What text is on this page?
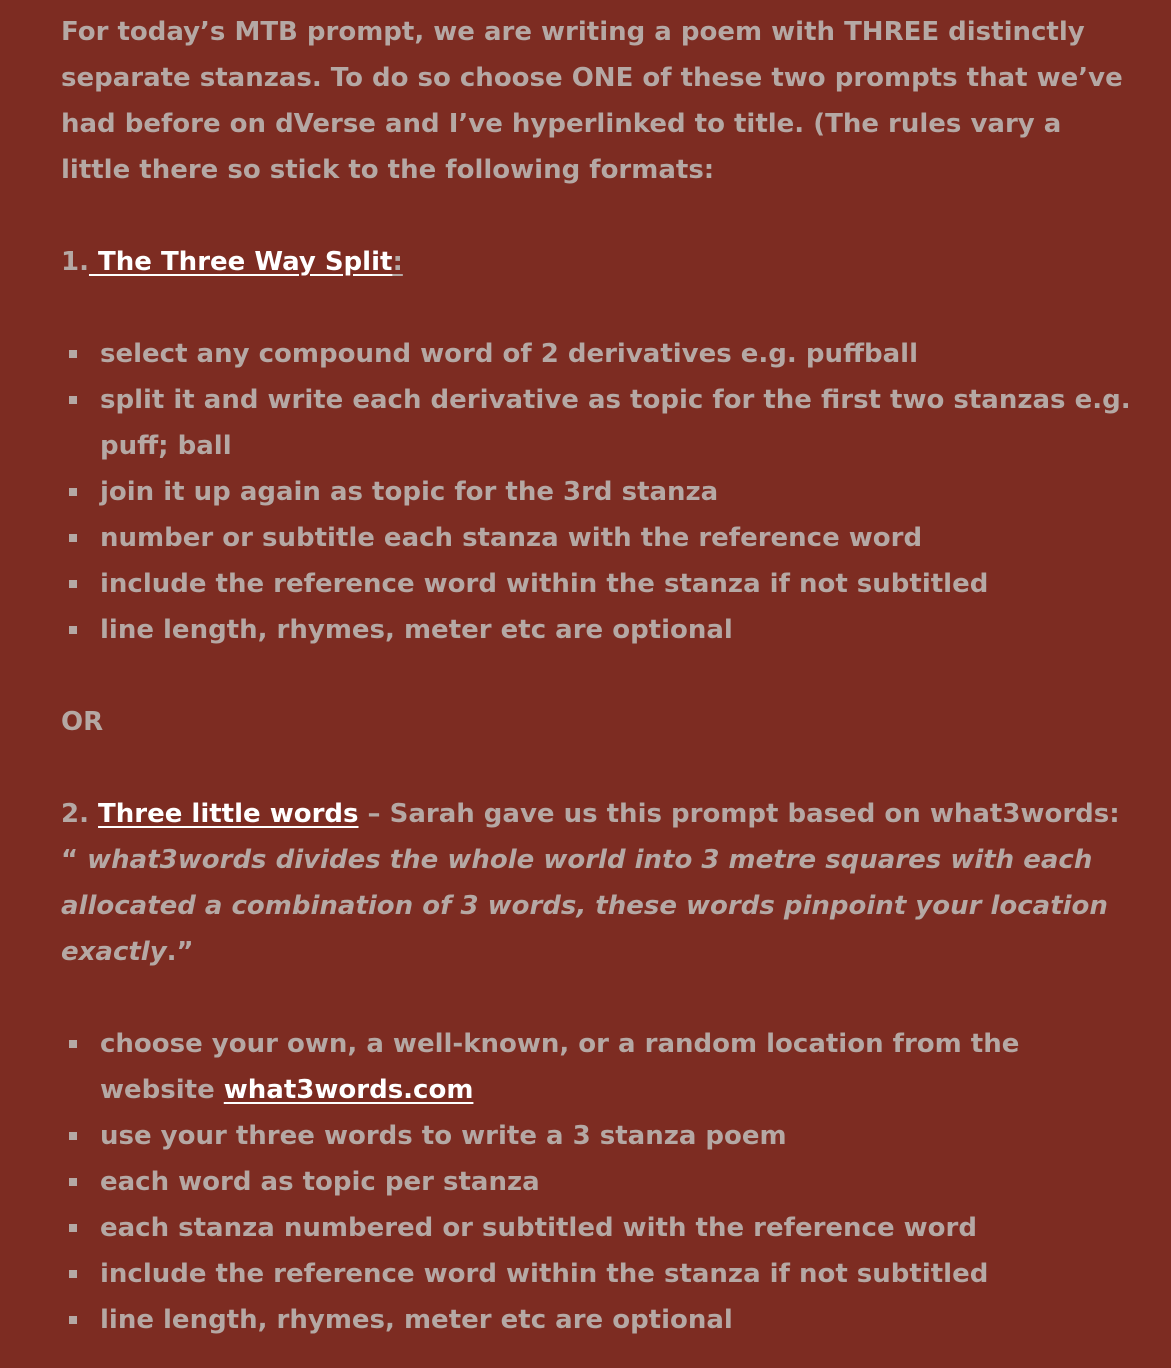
For today’s MTB prompt, we are writing a poem with THREE distinctly separate stanzas. To do so choose ONE of these two prompts that we’ve had before on dVerse and I’ve hyperlinked to title. (The rules vary a little there so stick to the following formats:

1. The Three Way Split:

select any compound word of 2 derivatives e.g. puffball
split it and write each derivative as topic for the first two stanzas e.g. puff; ball
join it up again as topic for the 3rd stanza
number or subtitle each stanza with the reference word
include the reference word within the stanza if not subtitled
line length, rhymes, meter etc are optional

OR

2. Three little words – Sarah gave us this prompt based on what3words:
“ what3words divides the whole world into 3 metre squares with each allocated a combination of 3 words, these words pinpoint your location exactly.”

choose your own, a well-known, or a random location from the website what3words.com
use your three words to write a 3 stanza poem
each word as topic per stanza
each stanza numbered or subtitled with the reference word
include the reference word within the stanza if not subtitled
line length, rhymes, meter etc are optional
